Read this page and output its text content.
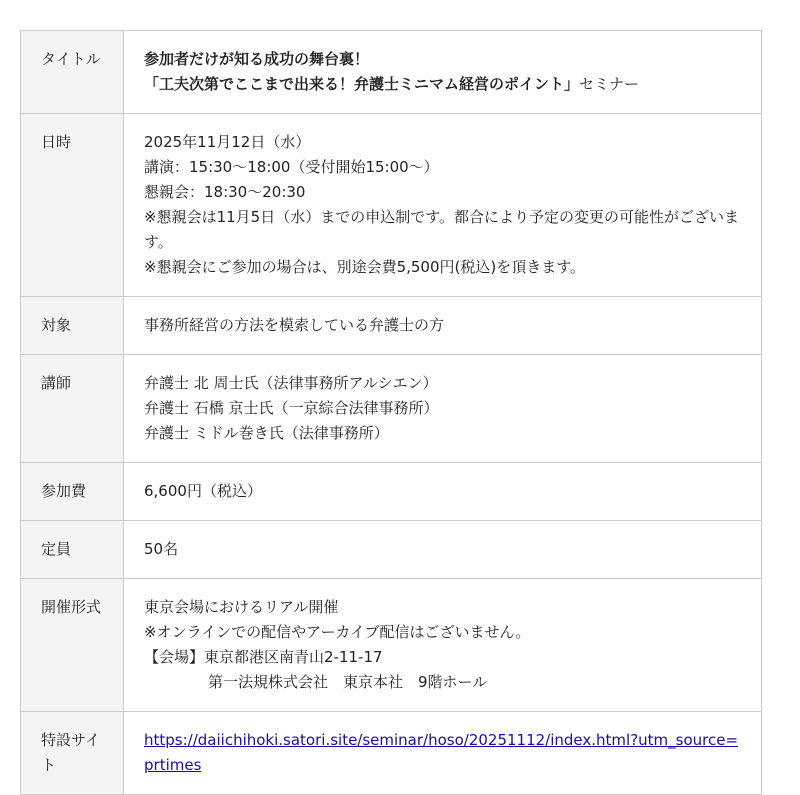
タイトル	参加者だけが知る成功の舞台裏！
「工夫次第でここまで出来る！弁護士ミニマム経営のポイント」セミナー

日時	2025年11月12日（水）
講演：15:30～18:00（受付開始15:00～）
懇親会：18:30～20:30
※懇親会は11月5日（水）までの申込制です。都合により予定の変更の可能性がございます。
※懇親会にご参加の場合は、別途会費5,500円(税込)を頂きます。

対象	事務所経営の方法を模索している弁護士の方
講師	弁護士 北 周士氏（法律事務所アルシエン）
弁護士 石橋 京士氏（一京綜合法律事務所）
弁護士 ミドル巻き氏（法律事務所）

参加費	6,600円（税込）
定員	50名
開催形式	東京会場におけるリアル開催
※オンラインでの配信やアーカイブ配信はございません。
【会場】東京都港区南青山2-11-17
第一法規株式会社　東京本社　9階ホール

特設サイト	https://daiichihoki.satori.site/seminar/hoso/20251112/index.html?utm_source=prtimes
